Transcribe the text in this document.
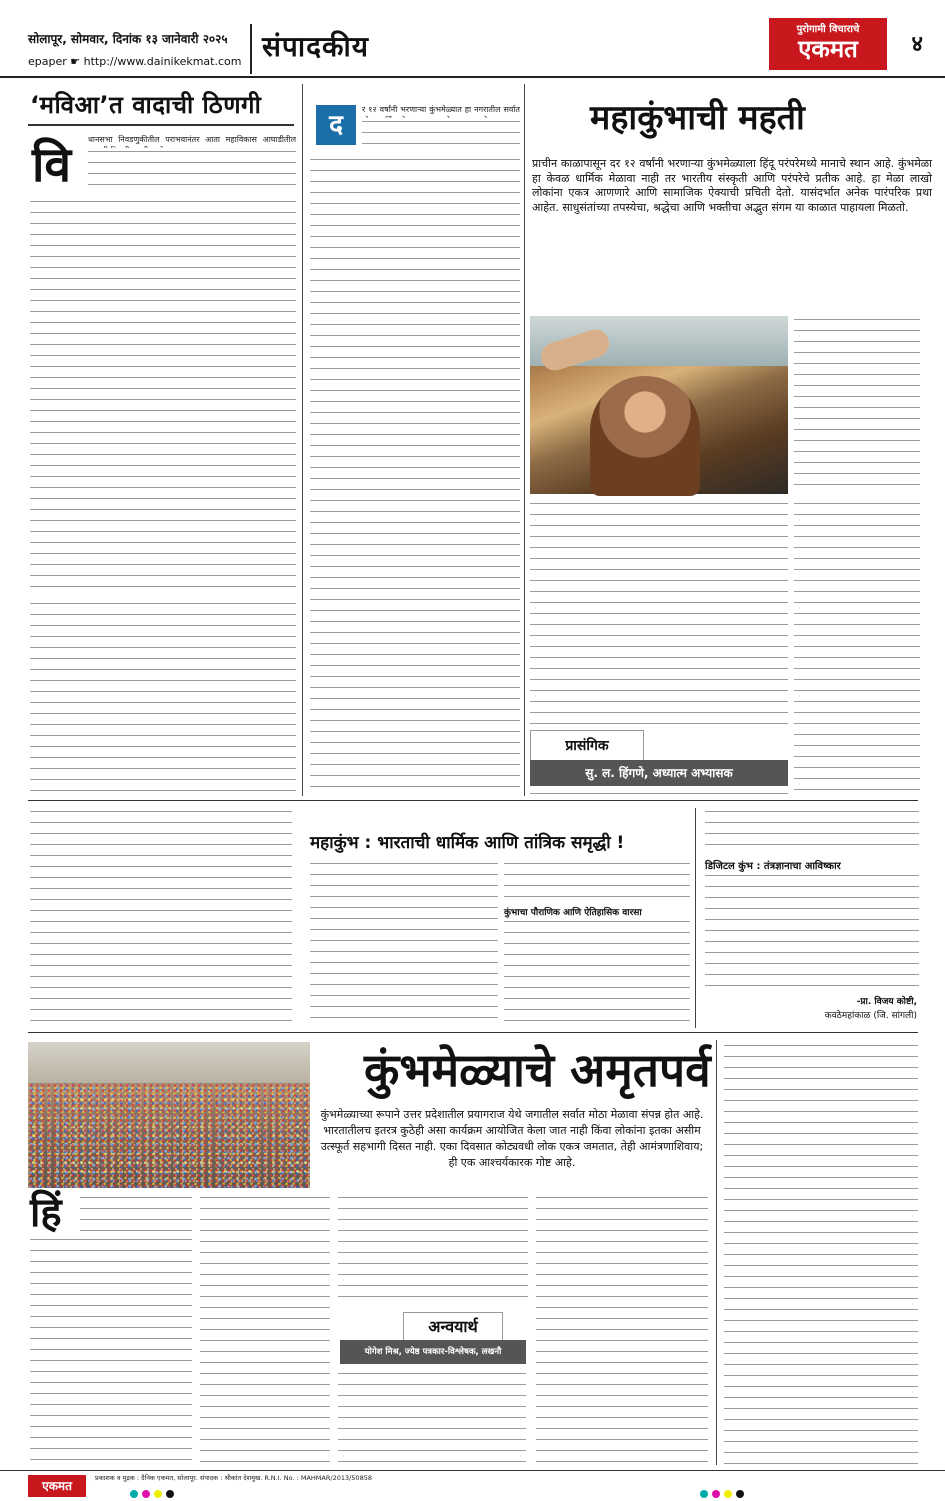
सोलापूर, सोमवार, दिनांक १३ जानेवारी २०२५
epaper ☛ http://www.dainikekmat.com संपादकीय
पुरोगामी विचाराचे
एकमत	४
‘मविआ’त वादाची ठिणगी
वि धानसभा निवडणुकीतील पराभवानंतर आता महाविकास आघाडीतील	द
र १२ वर्षांनी भरणाऱ्या कुंभमेळ्यात हा नगरातील सर्वात महाकुंभाची महती
प्राचीन काळापासून दर १२ वर्षांनी भरणाऱ्या कुंभमेळ्याला हिंदू परंपरेमध्ये मानाचे स्थान आहे. कुंभमेळा हा केवळ धार्मिक मेळावा नाही तर भारतीय संस्कृती आणि परंपरेचे प्रतीक आहे. हा मेळा लाखो लोकांना एकत्र आणणारे आणि सामाजिक ऐक्याची प्रचिती देतो. यासंदर्भात अनेक पारंपरिक प्रथा आहेत. साधुसंतांच्या तपस्येचा, श्रद्धेचा आणि भक्तीचा अद्भुत संगम या काळात पाहायला मिळतो.
प्रासंगिक
सु. ल. हिंगणे, अध्यात्म अभ्यासक
महाकुंभ : भारताची धार्मिक आणि तांत्रिक समृद्धी !
कुंभाचा पौराणिक आणि ऐतिहासिक वारसा
डिजिटल कुंभ : तंत्रज्ञानाचा आविष्कार
-प्रा. विजय कोष्टी,
कवठेमहांकाळ (जि. सांगली)
कुंभमेळ्याचे अमृतपर्व
कुंभमेळ्याच्या रूपाने उत्तर प्रदेशातील प्रयागराज येथे जगातील सर्वात मोठा मेळावा संपन्न होत आहे. भारतातीलच इतरत्र कुठेही असा कार्यक्रम आयोजित केला जात नाही किंवा लोकांना इतका असीम उत्स्फूर्त सहभागी दिसत नाही. एका दिवसात कोट्यवधी लोक एकत्र जमतात, तेही आमंत्रणाशिवाय; ही एक आश्चर्यकारक गोष्ट आहे.
हिं
अन्वयार्थ
योगेश मिश्र, ज्येष्ठ पत्रकार-विश्लेषक, लखनौ
एकमत
प्रकाशक व मुद्रक : दैनिक एकमत, सोलापूर. संपादक : श्रीकांत देशमुख. R.N.I. No. : MAHMAR/2013/50858
